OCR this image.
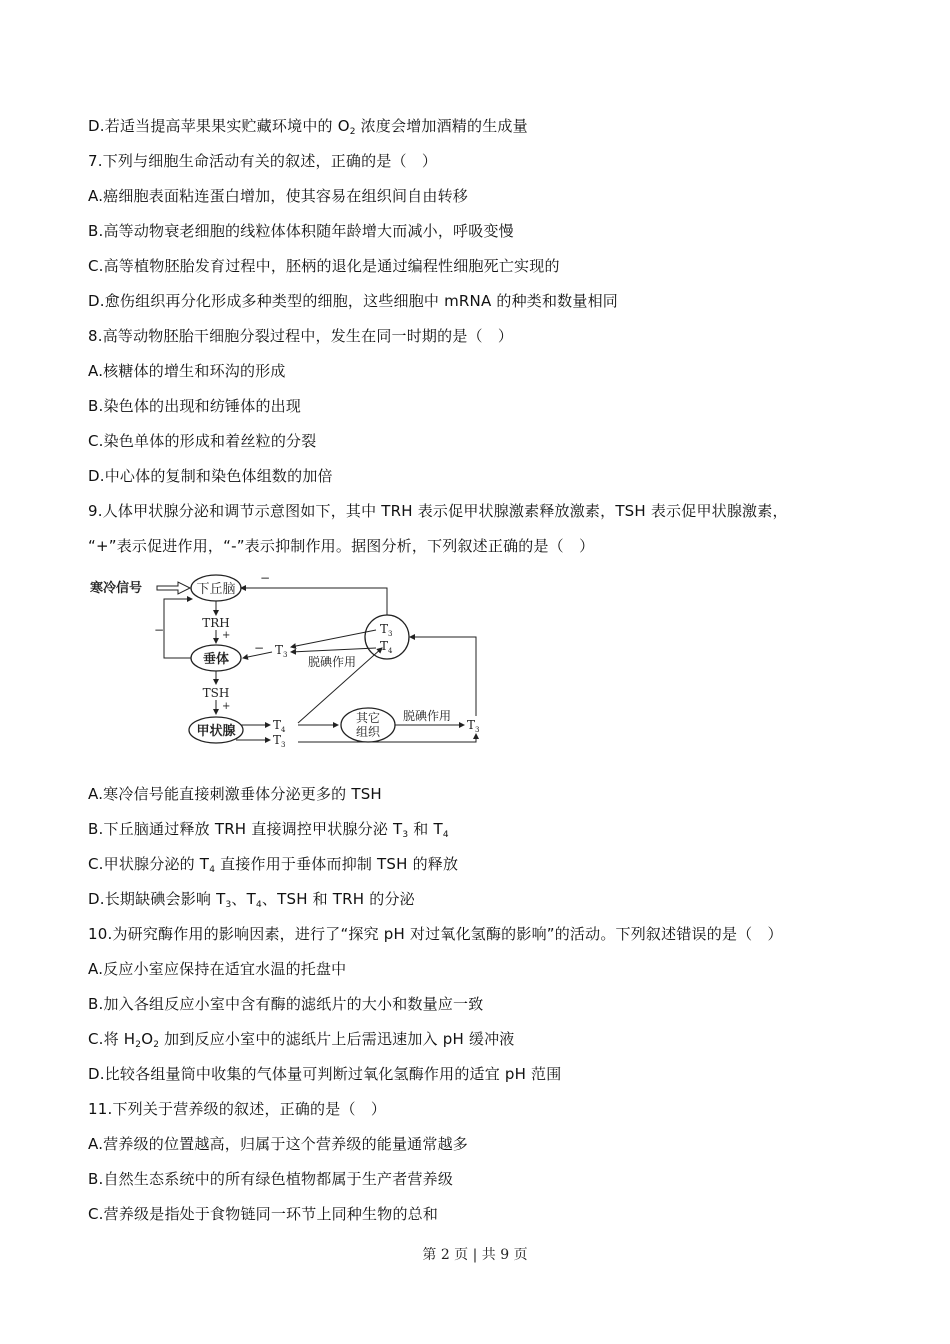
D.若适当提高苹果果实贮藏环境中的 $O_2$ 浓度会增加酒精的生成量
7.下列与细胞生命活动有关的叙述，正确的是（　）
A.癌细胞表面粘连蛋白增加，使其容易在组织间自由转移
B.高等动物衰老细胞的线粒体体积随年龄增大而减小，呼吸变慢
C.高等植物胚胎发育过程中，胚柄的退化是通过编程性细胞死亡实现的
D.愈伤组织再分化形成多种类型的细胞，这些细胞中 mRNA 的种类和数量相同
8.高等动物胚胎干细胞分裂过程中，发生在同一时期的是（　）
A.核糖体的增生和环沟的形成
B.染色体的出现和纺锤体的出现
C.染色单体的形成和着丝粒的分裂
D.中心体的复制和染色体组数的加倍
9.人体甲状腺分泌和调节示意图如下，其中 TRH 表示促甲状腺激素释放激素，TSH 表示促甲状腺激素，
“+”表示促进作用，“-”表示抑制作用。据图分析，下列叙述正确的是（　）
A.寒冷信号能直接刺激垂体分泌更多的 TSH
B.下丘脑通过释放 TRH 直接调控甲状腺分泌 $T_3$ 和 $T_4$
C.甲状腺分泌的 $T_4$ 直接作用于垂体而抑制 TSH 的释放
D.长期缺碘会影响 $T_3$、$T_4$、TSH 和 TRH 的分泌
10.为研究酶作用的影响因素，进行了“探究 pH 对过氧化氢酶的影响”的活动。下列叙述错误的是（　）
A.反应小室应保持在适宜水温的托盘中
B.加入各组反应小室中含有酶的滤纸片的大小和数量应一致
C.将 $H_2O_2$ 加到反应小室中的滤纸片上后需迅速加入 pH 缓冲液
D.比较各组量筒中收集的气体量可判断过氧化氢酶作用的适宜 pH 范围
11.下列关于营养级的叙述，正确的是（　）
A.营养级的位置越高，归属于这个营养级的能量通常越多
B.自然生态系统中的所有绿色植物都属于生产者营养级
C.营养级是指处于食物链同一环节上同种生物的总和
寒冷信号	下丘脑
TRH
+
垂体
−
TSH
+
甲状腺	T 4
T 3
其它
组织
脱碘作用
T 3
T 3
T 4
−
T 3 脱碘作用
−
第 2 页 | 共 9 页
